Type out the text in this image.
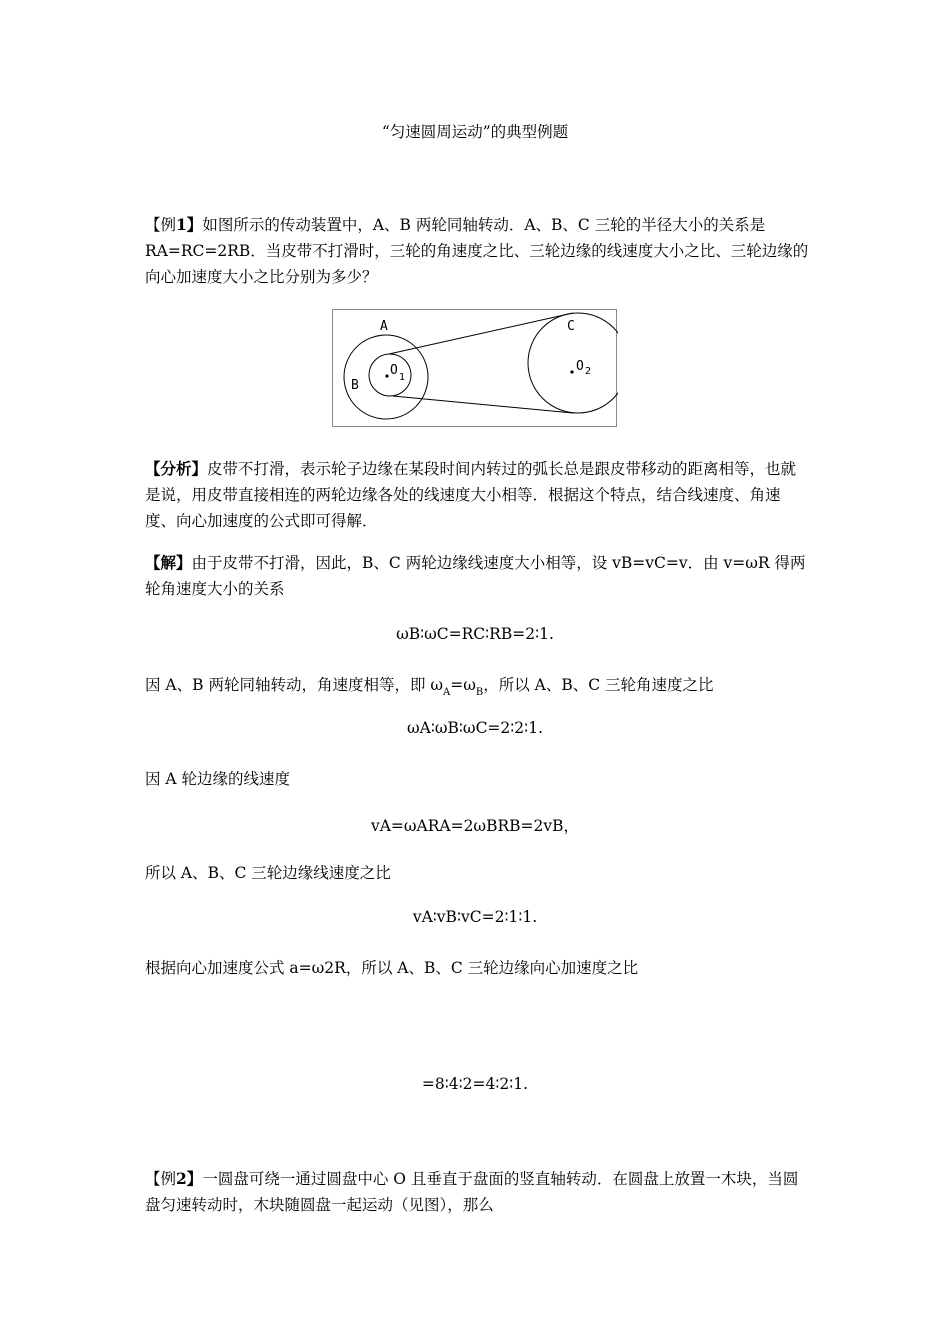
“匀速圆周运动”的典型例题
【例1】如图所示的传动装置中，A、B 两轮同轴转动．A、B、C 三轮的半径大小的关系是 RA=RC=2RB．当皮带不打滑时，三轮的角速度之比、三轮边缘的线速度大小之比、三轮边缘的向心加速度大小之比分别为多少？
A
B
C
O 1
O 2
【分析】皮带不打滑，表示轮子边缘在某段时间内转过的弧长总是跟皮带移动的距离相等，也就是说，用皮带直接相连的两轮边缘各处的线速度大小相等．根据这个特点，结合线速度、角速度、向心加速度的公式即可得解．
【解】由于皮带不打滑，因此，B、C 两轮边缘线速度大小相等，设 vB=vC=v．由 v=ωR 得两轮角速度大小的关系
ωB∶ωC=RC∶RB=2∶1.
因 A、B 两轮同轴转动，角速度相等，即 $\omega_A=\omega_B$，所以 A、B、C 三轮角速度之比
ωA∶ωB∶ωC=2∶2∶1.
因 A 轮边缘的线速度
vA=ωARA=2ωBRB=2vB，
所以 A、B、C 三轮边缘线速度之比
vA∶vB∶vC=2∶1∶1.
根据向心加速度公式 a=ω2R，所以 A、B、C 三轮边缘向心加速度之比
=8∶4∶2=4∶2∶1.
【例2】一圆盘可绕一通过圆盘中心 O 且垂直于盘面的竖直轴转动．在圆盘上放置一木块，当圆盘匀速转动时，木块随圆盘一起运动（见图），那么
